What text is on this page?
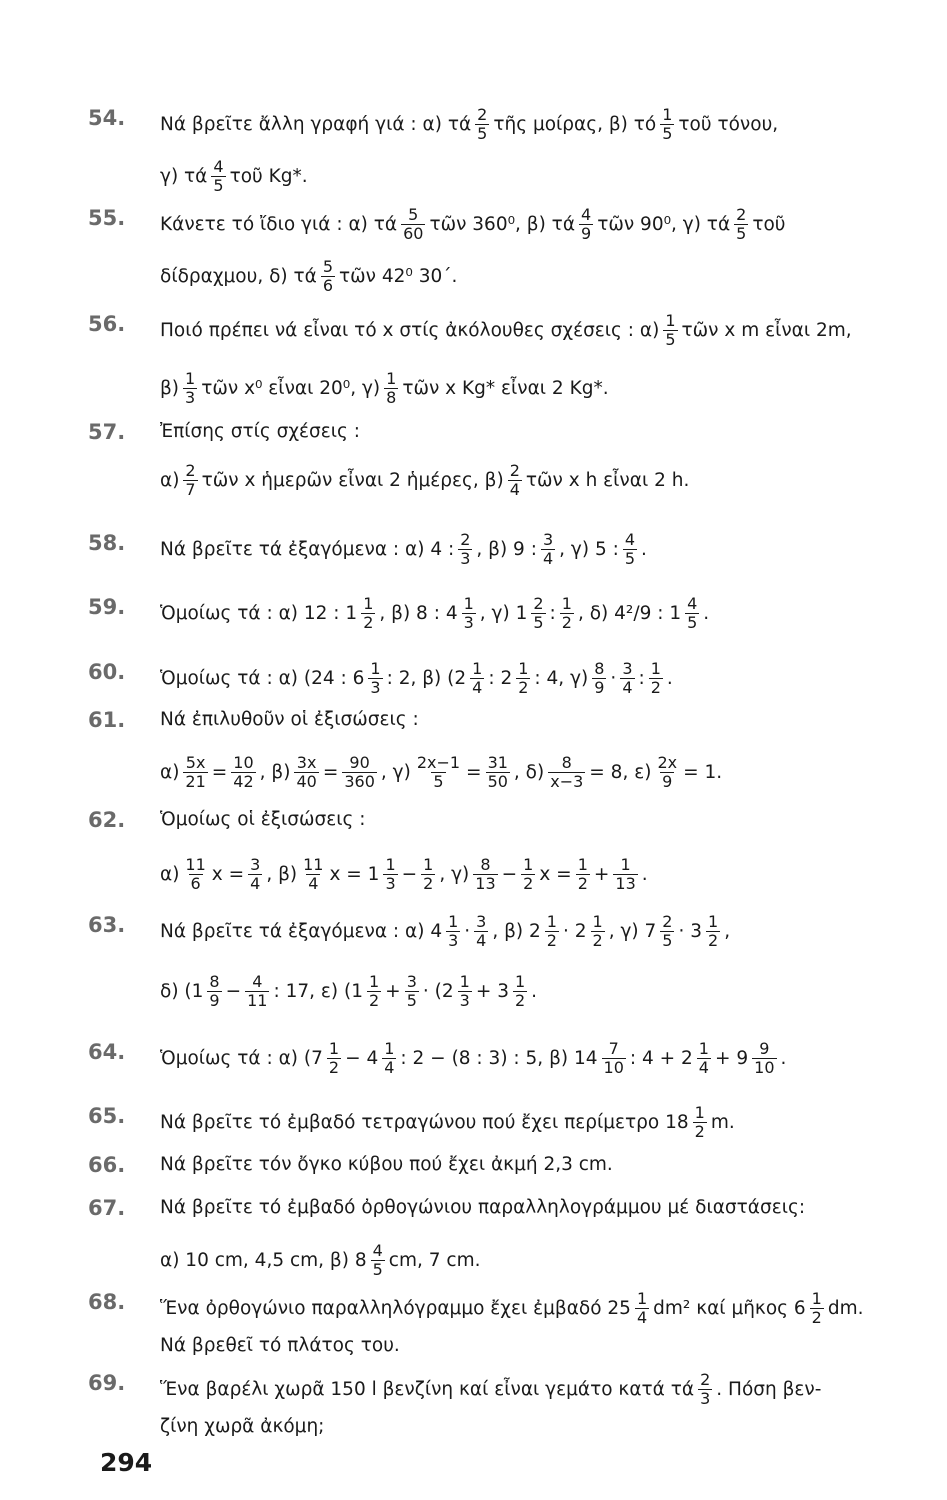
54. Νά βρεῖτε ἄλλη γραφή γιά : α) τά $\frac{2}{5}$ τῆς μοίρας, β) τό $\frac{1}{5}$ τοῦ τόνου,
γ) τά $\frac{4}{5}$ τοῦ Kg*.
55. Κάνετε τό ἴδιο γιά : α) τά $\frac{5}{60}$ τῶν 360⁰, β) τά $\frac{4}{9}$ τῶν 90⁰, γ) τά $\frac{2}{5}$ τοῦ
δίδραχμου, δ) τά $\frac{5}{6}$ τῶν 42⁰ 30΄.
56. Ποιό πρέπει νά εἶναι τό x στίς ἀκόλουθες σχέσεις : $\alpha) \frac{1}{5}$ τῶν x m εἶναι 2m,
$\beta) \frac{1}{3}$ τῶν x⁰ εἶναι 20⁰, $\gamma) \frac{1}{8}$ τῶν x Kg* εἶναι 2 Kg*.
57. Ἐπίσης στίς σχέσεις :
$\alpha) \frac{2}{7}$ τῶν x ἡμερῶν εἶναι 2 ἡμέρες, $\beta) \frac{2}{4}$ τῶν x h εἶναι 2 h.
58. Νά βρεῖτε τά ἐξαγόμενα : α) 4 : $\frac{2}{3}$ , β) 9 : $\frac{3}{4}$ , γ) 5 : $\frac{4}{5}$ .
59. Ὁμοίως τά : α) 12 : $1 \frac{1}{2}$ , β) 8 : $4 \frac{1}{3}$ , γ) $1 \frac{2}{5}$ : $\frac{1}{2}$ , δ) 4²/9 : $1 \frac{4}{5}$ .
60. Ὁμοίως τά : α) (24 : $6 \frac{1}{3}$ : 2, β) ($2 \frac{1}{4}$ : $2 \frac{1}{2}$ : 4, $\gamma) \frac{8}{9} \cdot \frac{3}{4}$ : $\frac{1}{2}$ .
61. Νά ἐπιλυθοῦν οἱ ἐξισώσεις :
$\alpha) \frac{5x}{21} = \frac{10}{42}$ , $\beta) \frac{3x}{40} = \frac{90}{360}$ , $\gamma) \frac{2x-1}{5} = \frac{31}{50}$ , $\delta) \frac{8}{x-3} = 8$, $\varepsilon) \frac{2x}{9} = 1$.
62. Ὁμοίως οἱ ἐξισώσεις :
$\alpha) \frac{11}{6}$ $x = \frac{3}{4}$ , $\beta) \frac{11}{4}$ $x = 1 \frac{1}{3} - \frac{1}{2}$ , $\gamma) \frac{8}{13} - \frac{1}{2}$ $x = \frac{1}{2} + \frac{1}{13}$ .
63. Νά βρεῖτε τά ἐξαγόμενα : α) $4 \frac{1}{3} \cdot \frac{3}{4}$ , β) $2 \frac{1}{2} \cdot 2 \frac{1}{2}$ , γ) $7 \frac{2}{5} \cdot 3 \frac{1}{2}$ ,
δ) ($1 \frac{8}{9} - \frac{4}{11}$ : 17, ε) ($1 \frac{1}{2} + \frac{3}{5} \cdot (2 \frac{1}{3} + 3 \frac{1}{2}$ .
64. Ὁμοίως τά : α) ($7 \frac{1}{2} - 4 \frac{1}{4}$ : 2 − (8 : 3) : 5, β) $14 \frac{7}{10}$ : $4 + 2 \frac{1}{4} + 9 \frac{9}{10}$ .
65. Νά βρεῖτε τό ἐμβαδό τετραγώνου πού ἔχει περίμετρο $18 \frac{1}{2} m$.
66. Νά βρεῖτε τόν ὄγκο κύβου πού ἔχει ἀκμή 2,3 cm.
67. Νά βρεῖτε τό ἐμβαδό ὀρθογώνιου παραλληλογράμμου μέ διαστάσεις:
α) 10 cm, 4,5 cm, β) $8 \frac{4}{5}$ cm, 7 cm.
68. Ἕνα ὀρθογώνιο παραλληλόγραμμο ἔχει ἐμβαδό $25 \frac{1}{4} dm^2$ καί μῆκος $6 \frac{1}{2}$ dm.
Νά βρεθεῖ τό πλάτος του.
69. Ἕνα βαρέλι χωρᾶ 150 l βενζίνη καί εἶναι γεμάτο κατά τά $\frac{2}{3}$ . Πόση βεν-
ζίνη χωρᾶ ἀκόμη;
294
